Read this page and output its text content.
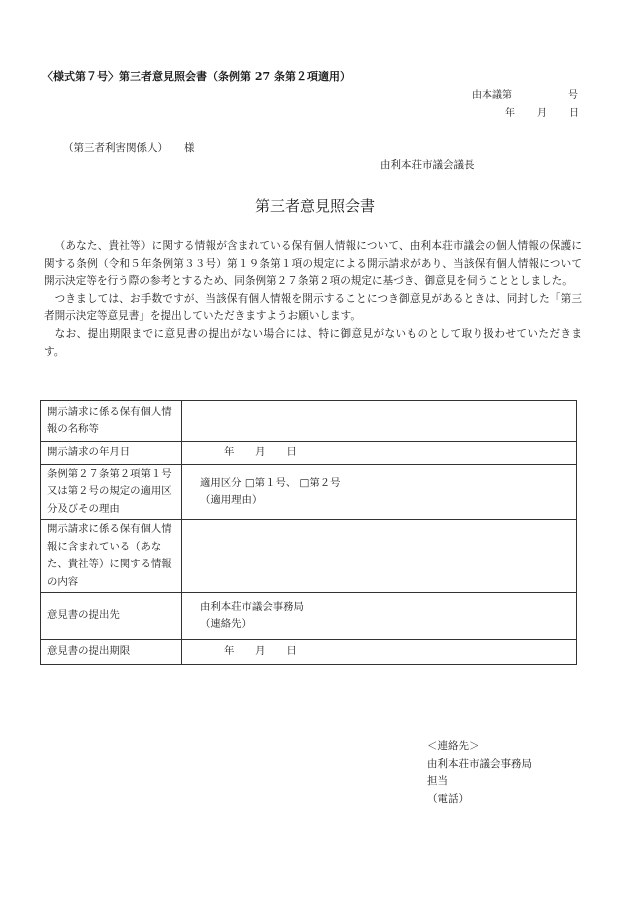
〈様式第７号〉第三者意見照会書（条例第 27 条第２項適用）
由本議第	号
年 月 日
（第三者利害関係人） 様
由利本荘市議会議長
第三者意見照会書

（あなた、貴社等）に関する情報が含まれている保有個人情報について、由利本荘市議会の個人情報の保護に関する条例（令和５年条例第３３号）第１９条第１項の規定による開示請求があり、当該保有個人情報について開示決定等を行う際の参考とするため、同条例第２７条第２項の規定に基づき、御意見を伺うこととしました。

つきましては、お手数ですが、当該保有個人情報を開示することにつき御意見があるときは、同封した「第三者開示決定等意見書」を提出していただきますようお願いします。

なお、提出期限までに意見書の提出がない場合には、特に御意見がないものとして取り扱わせていただきます。

開示請求に係る保有個人情報の名称等	
開示請求の年月日	年　　月　　日
条例第２７条第２項第１号又は第２号の規定の適用区分及びその理由	適用区分 □第１号、 □第２号
（適用理由）

開示請求に係る保有個人情報に含まれている（あなた、貴社等）に関する情報の内容	
意見書の提出先	由利本荘市議会事務局
（連絡先）

意見書の提出期限	年　　月　　日
＜連絡先＞
由利本荘市議会事務局
担当
（電話）
